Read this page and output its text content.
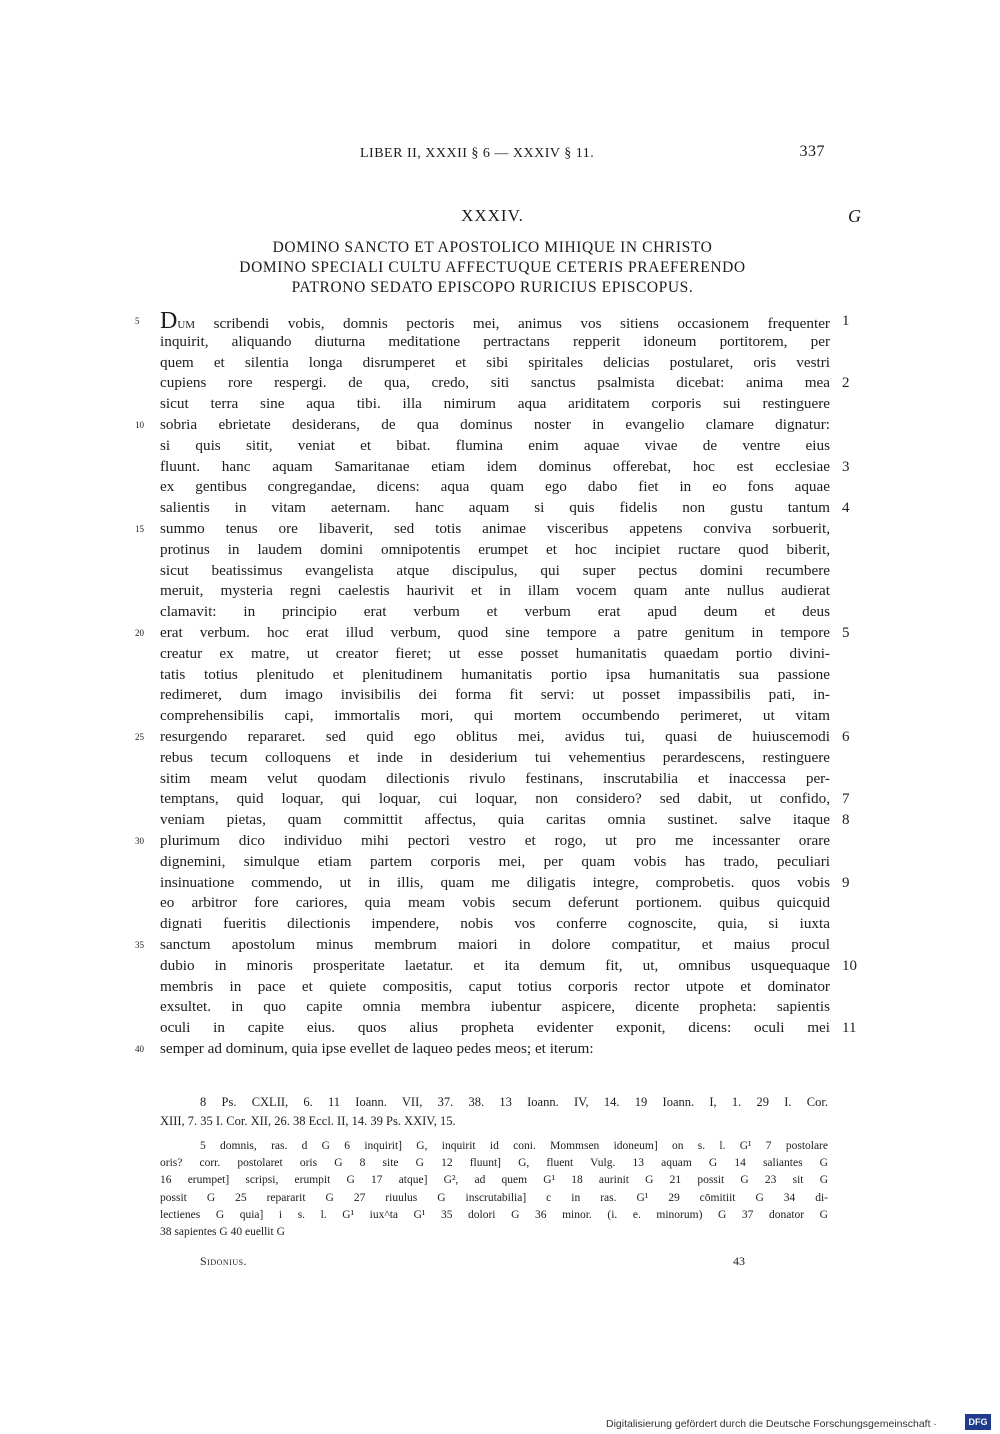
LIBER II, XXXII § 6 — XXXIV § 11.	337
XXXIV.	G
DOMINO SANCTO ET APOSTOLICO MIHIQUE IN CHRISTO
DOMINO SPECIALI CULTU AFFECTUQUE CETERIS PRAEFERENDO
PATRONO SEDATO EPISCOPO RURICIUS EPISCOPUS.
5 Dum scribendi vobis, domnis pectoris mei, animus vos sitiens occasionem frequenter 1
inquirit, aliquando diuturna meditatione pertractans repperit idoneum portitorem, per
quem et silentia longa disrumperet et sibi spiritales delicias postularet, oris vestri
cupiens rore respergi. de qua, credo, siti sanctus psalmista dicebat: anima mea 2
sicut terra sine aqua tibi. illa nimirum aqua ariditatem corporis sui restinguere
10	sobria ebrietate desiderans, de qua dominus noster in evangelio clamare dignatur:
si quis sitit, veniat et bibat. flumina enim aquae vivae de ventre eius
fluunt. hanc aquam Samaritanae etiam idem dominus offerebat, hoc est ecclesiae 3
ex gentibus congregandae, dicens: aqua quam ego dabo fiet in eo fons aquae
salientis in vitam aeternam. hanc aquam si quis fidelis non gustu tantum 4
15	summo tenus ore libaverit, sed totis animae visceribus appetens conviva sorbuerit,
protinus in laudem domini omnipotentis erumpet et hoc incipiet ructare quod biberit,
sicut beatissimus evangelista atque discipulus, qui super pectus domini recumbere
meruit, mysteria regni caelestis haurivit et in illam vocem quam ante nullus audierat
clamavit: in principio erat verbum et verbum erat apud deum et deus
20	erat verbum. hoc erat illud verbum, quod sine tempore a patre genitum in tempore 5
creatur ex matre, ut creator fieret; ut esse posset humanitatis quaedam portio divini-
tatis totius plenitudo et plenitudinem humanitatis portio ipsa humanitatis sua passione
redimeret, dum imago invisibilis dei forma fit servi: ut posset impassibilis pati, in-
comprehensibilis capi, immortalis mori, qui mortem occumbendo perimeret, ut vitam
25	resurgendo repararet. sed quid ego oblitus mei, avidus tui, quasi de huiuscemodi 6
rebus tecum colloquens et inde in desiderium tui vehementius perardescens, restinguere
sitim meam velut quodam dilectionis rivulo festinans, inscrutabilia et inaccessa per-
temptans, quid loquar, qui loquar, cui loquar, non considero? sed dabit, ut confido, 7
veniam pietas, quam committit affectus, quia caritas omnia sustinet. salve itaque 8
30	plurimum dico individuo mihi pectori vestro et rogo, ut pro me incessanter orare
dignemini, simulque etiam partem corporis mei, per quam vobis has trado, peculiari
insinuatione commendo, ut in illis, quam me diligatis integre, comprobetis. quos vobis 9
eo arbitror fore cariores, quia meam vobis secum deferunt portionem. quibus quicquid
dignati fueritis dilectionis impendere, nobis vos conferre cognoscite, quia, si iuxta
35	sanctum apostolum minus membrum maiori in dolore compatitur, et maius procul
dubio in minoris prosperitate laetatur. et ita demum fit, ut, omnibus usquequaque 10
membris in pace et quiete compositis, caput totius corporis rector utpote et dominator
exsultet. in quo capite omnia membra iubentur aspicere, dicente propheta: sapientis
oculi in capite eius. quos alius propheta evidenter exponit, dicens: oculi mei 11
40	semper ad dominum, quia ipse evellet de laqueo pedes meos; et iterum:
8 Ps. CXLII, 6. 11 Ioann. VII, 37. 38. 13 Ioann. IV, 14. 19 Ioann. I, 1. 29 I. Cor.
XIII, 7. 35 I. Cor. XII, 26. 38 Eccl. II, 14. 39 Ps. XXIV, 15.
5 domnis, ras. d G 6 inquirit] G, inquirit id coni. Mommsen idoneum] on s. l. G¹ 7 postolare
oris? corr. postolaret oris G 8 site G 12 fluunt] G, fluent Vulg. 13 aquam G 14 saliantes G
16 erumpet] scripsi, erumpit G 17 atque] G², ad quem G¹ 18 aurinit G 21 possit G 23 sit G
possit G 25 repararit G 27 riuulus G inscrutabilia] c in ras. G¹ 29 cōmitiit G 34 di-
lectienes G quia] i s. l. G¹ iux^ta G¹ 35 dolori G 36 minor. (i. e. minorum) G 37 donator G
38 sapientes G 40 euellit G
Sidonius.	43
Digitalisierung gefördert durch die Deutsche Forschungsgemeinschaft ·	DFG
